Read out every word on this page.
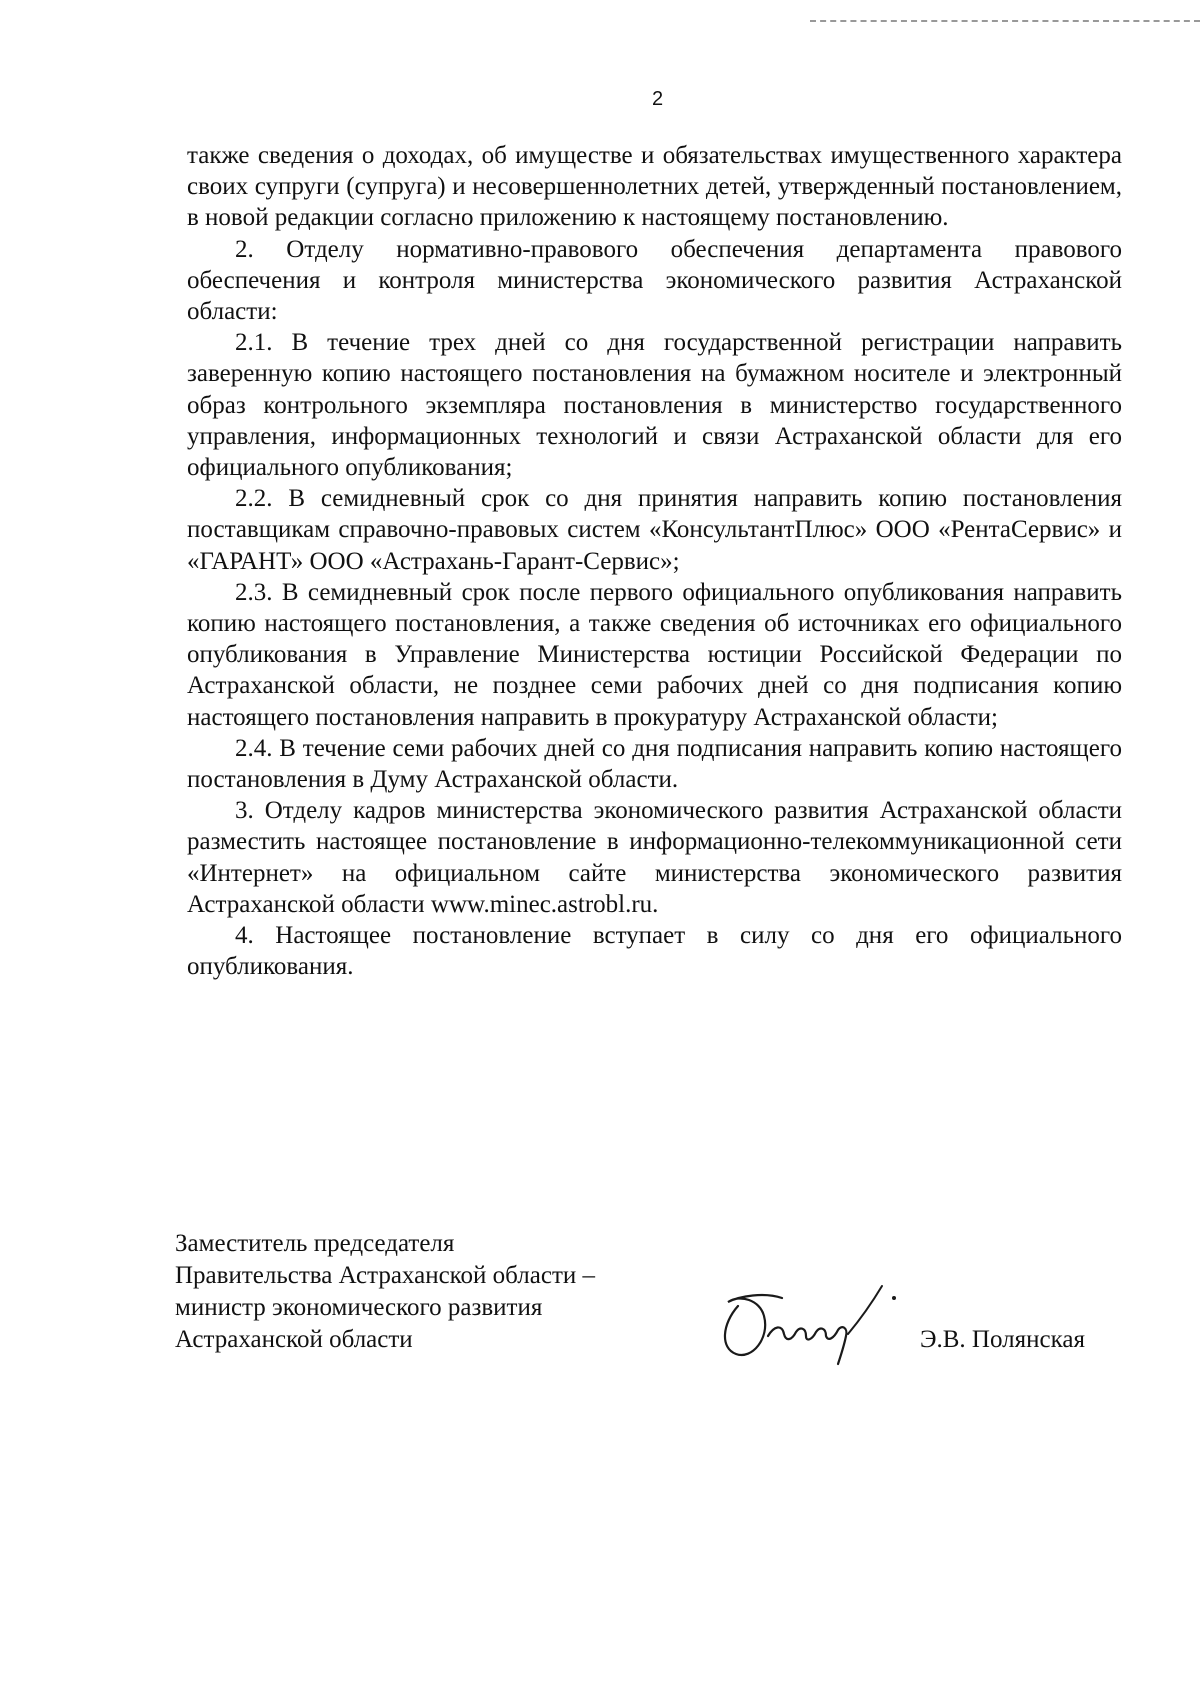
2

также сведения о доходах, об имуществе и обязательствах имущественного характера своих супруги (супруга) и несовершеннолетних детей, утвержденный постановлением, в новой редакции согласно приложению к настоящему постановлению.

2. Отделу нормативно-правового обеспечения департамента правового обеспечения и контроля министерства экономического развития Астраханской области:

2.1. В течение трех дней со дня государственной регистрации направить заверенную копию настоящего постановления на бумажном носителе и электронный образ контрольного экземпляра постановления в министерство государственного управления, информационных технологий и связи Астраханской области для его официального опубликования;

2.2. В семидневный срок со дня принятия направить копию постановления поставщикам справочно-правовых систем «КонсультантПлюс» ООО «РентаСервис» и «ГАРАНТ» ООО «Астрахань-Гарант-Сервис»;

2.3. В семидневный срок после первого официального опубликования направить копию настоящего постановления, а также сведения об источниках его официального опубликования в Управление Министерства юстиции Российской Федерации по Астраханской области, не позднее семи рабочих дней со дня подписания копию настоящего постановления направить в прокуратуру Астраханской области;

2.4. В течение семи рабочих дней со дня подписания направить копию настоящего постановления в Думу Астраханской области.

3. Отделу кадров министерства экономического развития Астраханской области разместить настоящее постановление в информационно-телекоммуникационной сети «Интернет» на официальном сайте министерства экономического развития Астраханской области www.minec.astrobl.ru.

4. Настоящее постановление вступает в силу со дня его официального опубликования.

Заместитель председателя
Правительства Астраханской области –
министр экономического развития
Астраханской области	Э.В. Полянская
